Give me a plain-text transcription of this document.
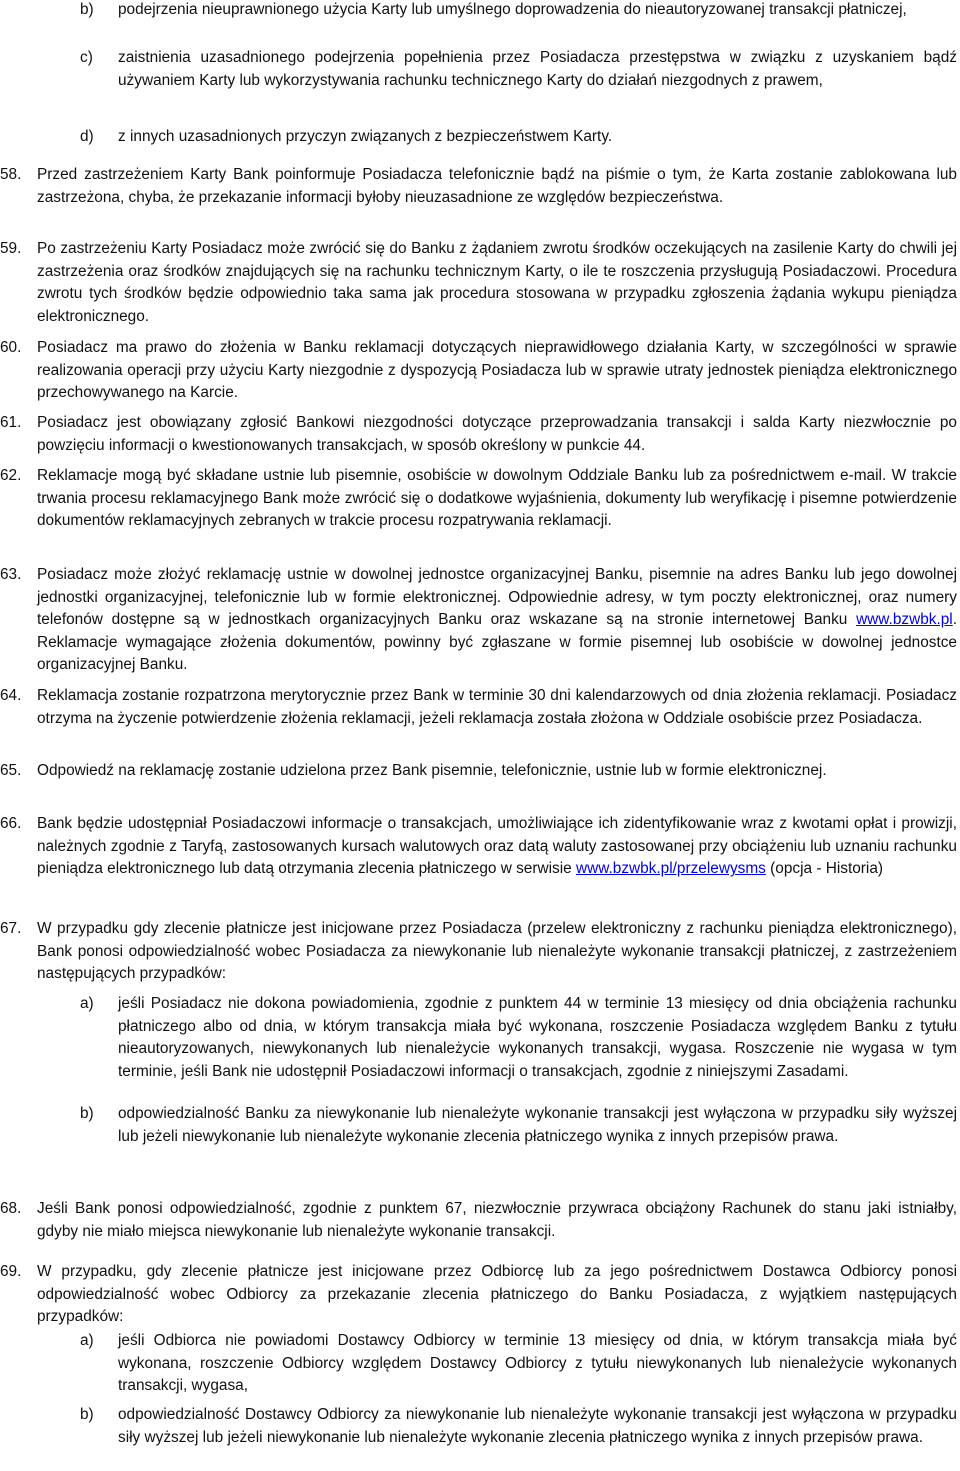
b) podejrzenia nieuprawnionego użycia Karty lub umyślnego doprowadzenia do nieautoryzowanej transakcji płatniczej,
c) zaistnienia uzasadnionego podejrzenia popełnienia przez Posiadacza przestępstwa w związku z uzyskaniem bądź używaniem Karty lub wykorzystywania rachunku technicznego Karty do działań niezgodnych z prawem,
d) z innych uzasadnionych przyczyn związanych z bezpieczeństwem Karty.
58. Przed zastrzeżeniem Karty Bank poinformuje Posiadacza telefonicznie bądź na piśmie o tym, że Karta zostanie zablokowana lub zastrzeżona, chyba, że przekazanie informacji byłoby nieuzasadnione ze względów bezpieczeństwa.
59. Po zastrzeżeniu Karty Posiadacz może zwrócić się do Banku z żądaniem zwrotu środków oczekujących na zasilenie Karty do chwili jej zastrzeżenia oraz środków znajdujących się na rachunku technicznym Karty, o ile te roszczenia przysługują Posiadaczowi. Procedura zwrotu tych środków będzie odpowiednio taka sama jak procedura stosowana w przypadku zgłoszenia żądania wykupu pieniądza elektronicznego.
60. Posiadacz ma prawo do złożenia w Banku reklamacji dotyczących nieprawidłowego działania Karty, w szczególności w sprawie realizowania operacji przy użyciu Karty niezgodnie z dyspozycją Posiadacza lub w sprawie utraty jednostek pieniądza elektronicznego przechowywanego na Karcie.
61. Posiadacz jest obowiązany zgłosić Bankowi niezgodności dotyczące przeprowadzania transakcji i salda Karty niezwłocznie po powzięciu informacji o kwestionowanych transakcjach, w sposób określony w punkcie 44.
62. Reklamacje mogą być składane ustnie lub pisemnie, osobiście w dowolnym Oddziale Banku lub za pośrednictwem e-mail. W trakcie trwania procesu reklamacyjnego Bank może zwrócić się o dodatkowe wyjaśnienia, dokumenty lub weryfikację i pisemne potwierdzenie dokumentów reklamacyjnych zebranych w trakcie procesu rozpatrywania reklamacji.
63. Posiadacz może złożyć reklamację ustnie w dowolnej jednostce organizacyjnej Banku, pisemnie na adres Banku lub jego dowolnej jednostki organizacyjnej, telefonicznie lub w formie elektronicznej. Odpowiednie adresy, w tym poczty elektronicznej, oraz numery telefonów dostępne są w jednostkach organizacyjnych Banku oraz wskazane są na stronie internetowej Banku www.bzwbk.pl. Reklamacje wymagające złożenia dokumentów, powinny być zgłaszane w formie pisemnej lub osobiście w dowolnej jednostce organizacyjnej Banku.
64. Reklamacja zostanie rozpatrzona merytorycznie przez Bank w terminie 30 dni kalendarzowych od dnia złożenia reklamacji. Posiadacz otrzyma na życzenie potwierdzenie złożenia reklamacji, jeżeli reklamacja została złożona w Oddziale osobiście przez Posiadacza.
65. Odpowiedź na reklamację zostanie udzielona przez Bank pisemnie, telefonicznie, ustnie lub w formie elektronicznej.
66. Bank będzie udostępniał Posiadaczowi informacje o transakcjach, umożliwiające ich zidentyfikowanie wraz z kwotami opłat i prowizji, należnych zgodnie z Taryfą, zastosowanych kursach walutowych oraz datą waluty zastosowanej przy obciążeniu lub uznaniu rachunku pieniądza elektronicznego lub datą otrzymania zlecenia płatniczego w serwisie www.bzwbk.pl/przelewysms (opcja - Historia)
67. W przypadku gdy zlecenie płatnicze jest inicjowane przez Posiadacza (przelew elektroniczny z rachunku pieniądza elektronicznego), Bank ponosi odpowiedzialność wobec Posiadacza za niewykonanie lub nienależyte wykonanie transakcji płatniczej, z zastrzeżeniem następujących przypadków:
a) jeśli Posiadacz nie dokona powiadomienia, zgodnie z punktem 44 w terminie 13 miesięcy od dnia obciążenia rachunku płatniczego albo od dnia, w którym transakcja miała być wykonana, roszczenie Posiadacza względem Banku z tytułu nieautoryzowanych, niewykonanych lub nienależycie wykonanych transakcji, wygasa. Roszczenie nie wygasa w tym terminie, jeśli Bank nie udostępnił Posiadaczowi informacji o transakcjach, zgodnie z niniejszymi Zasadami.
b) odpowiedzialność Banku za niewykonanie lub nienależyte wykonanie transakcji jest wyłączona w przypadku siły wyższej lub jeżeli niewykonanie lub nienależyte wykonanie zlecenia płatniczego wynika z innych przepisów prawa.
68. Jeśli Bank ponosi odpowiedzialność, zgodnie z punktem 67, niezwłocznie przywraca obciążony Rachunek do stanu jaki istniałby, gdyby nie miało miejsca niewykonanie lub nienależyte wykonanie transakcji.
69. W przypadku, gdy zlecenie płatnicze jest inicjowane przez Odbiorcę lub za jego pośrednictwem Dostawca Odbiorcy ponosi odpowiedzialność wobec Odbiorcy za przekazanie zlecenia płatniczego do Banku Posiadacza, z wyjątkiem następujących przypadków:
a) jeśli Odbiorca nie powiadomi Dostawcy Odbiorcy w terminie 13 miesięcy od dnia, w którym transakcja miała być wykonana, roszczenie Odbiorcy względem Dostawcy Odbiorcy z tytułu niewykonanych lub nienależycie wykonanych transakcji, wygasa,
b) odpowiedzialność Dostawcy Odbiorcy za niewykonanie lub nienależyte wykonanie transakcji jest wyłączona w przypadku siły wyższej lub jeżeli niewykonanie lub nienależyte wykonanie zlecenia płatniczego wynika z innych przepisów prawa.
